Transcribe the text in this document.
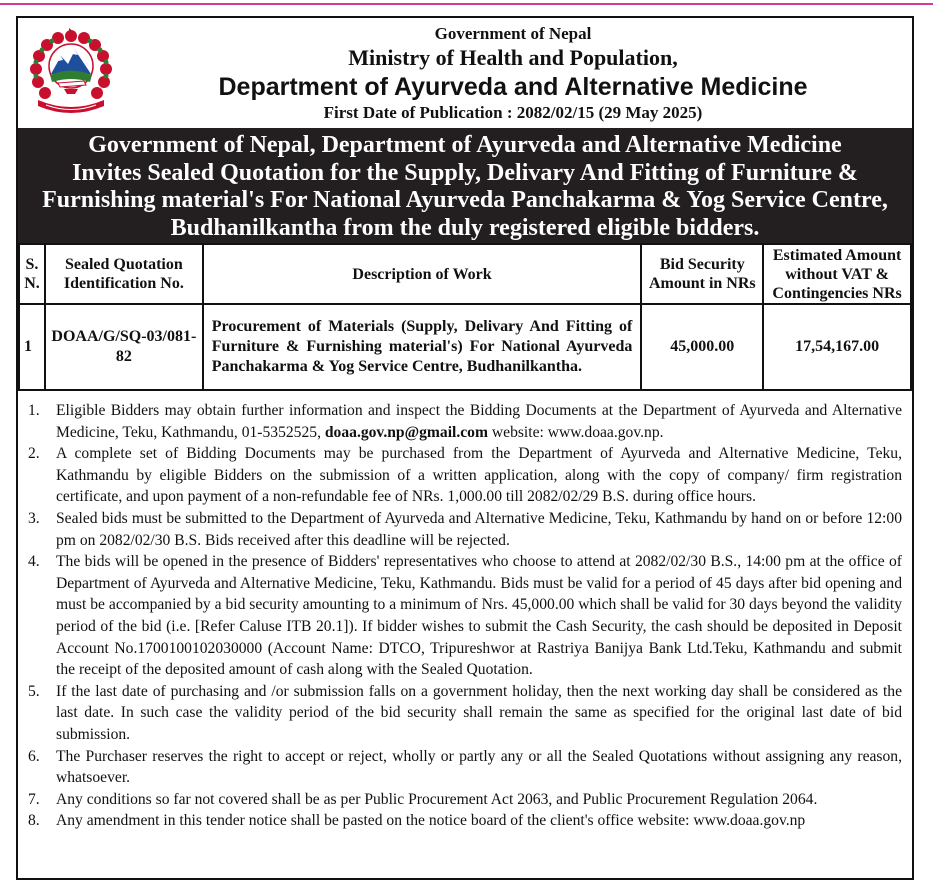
Government of Nepal
Ministry of Health and Population,
Department of Ayurveda and Alternative Medicine
First Date of Publication : 2082/02/15 (29 May 2025)
Government of Nepal, Department of Ayurveda and Alternative Medicine
Invites Sealed Quotation for the Supply, Delivary And Fitting of Furniture &
Furnishing material's For National Ayurveda Panchakarma & Yog Service Centre,
Budhanilkantha from the duly registered eligible bidders.
S. N.	Sealed Quotation Identification No.	Description of Work	Bid Security Amount in NRs	Estimated Amount without VAT & Contingencies NRs
1	DOAA/G/SQ-03/081-82	Procurement of Materials (Supply, Delivary And Fitting of Furniture & Furnishing material's) For National Ayurveda Panchakarma & Yog Service Centre, Budhanilkantha.	45,000.00	17,54,167.00
1. Eligible Bidders may obtain further information and inspect the Bidding Documents at the Department of Ayurveda and Alternative Medicine, Teku, Kathmandu, 01-5352525, doaa.gov.np@gmail.com website: www.doaa.gov.np.
2. A complete set of Bidding Documents may be purchased from the Department of Ayurveda and Alternative Medicine, Teku, Kathmandu by eligible Bidders on the submission of a written application, along with the copy of company/ firm registration certificate, and upon payment of a non-refundable fee of NRs. 1,000.00 till 2082/02/29 B.S. during office hours.
3. Sealed bids must be submitted to the Department of Ayurveda and Alternative Medicine, Teku, Kathmandu by hand on or before 12:00 pm on 2082/02/30 B.S. Bids received after this deadline will be rejected.
4. The bids will be opened in the presence of Bidders' representatives who choose to attend at 2082/02/30 B.S., 14:00 pm at the office of Department of Ayurveda and Alternative Medicine, Teku, Kathmandu. Bids must be valid for a period of 45 days after bid opening and must be accompanied by a bid security amounting to a minimum of Nrs. 45,000.00 which shall be valid for 30 days beyond the validity period of the bid (i.e. [Refer Caluse ITB 20.1]). If bidder wishes to submit the Cash Security, the cash should be deposited in Deposit Account No.1700100102030000 (Account Name: DTCO, Tripureshwor at Rastriya Banijya Bank Ltd.Teku, Kathmandu and submit the receipt of the deposited amount of cash along with the Sealed Quotation.
5. If the last date of purchasing and /or submission falls on a government holiday, then the next working day shall be considered as the last date. In such case the validity period of the bid security shall remain the same as specified for the original last date of bid submission.
6. The Purchaser reserves the right to accept or reject, wholly or partly any or all the Sealed Quotations without assigning any reason, whatsoever.
7. Any conditions so far not covered shall be as per Public Procurement Act 2063, and Public Procurement Regulation 2064.
8. Any amendment in this tender notice shall be pasted on the notice board of the client's office website: www.doaa.gov.np
